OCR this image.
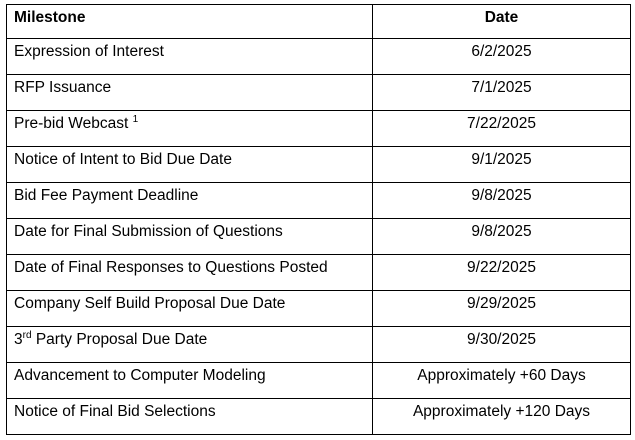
Milestone	Date
Expression of Interest	6/2/2025
RFP Issuance	7/1/2025
Pre-bid Webcast $^1$	7/22/2025
Notice of Intent to Bid Due Date	9/1/2025
Bid Fee Payment Deadline	9/8/2025
Date for Final Submission of Questions	9/8/2025
Date of Final Responses to Questions Posted	9/22/2025
Company Self Build Proposal Due Date	9/29/2025
3rd Party Proposal Due Date	9/30/2025
Advancement to Computer Modeling	Approximately +60 Days
Notice of Final Bid Selections	Approximately +120 Days
